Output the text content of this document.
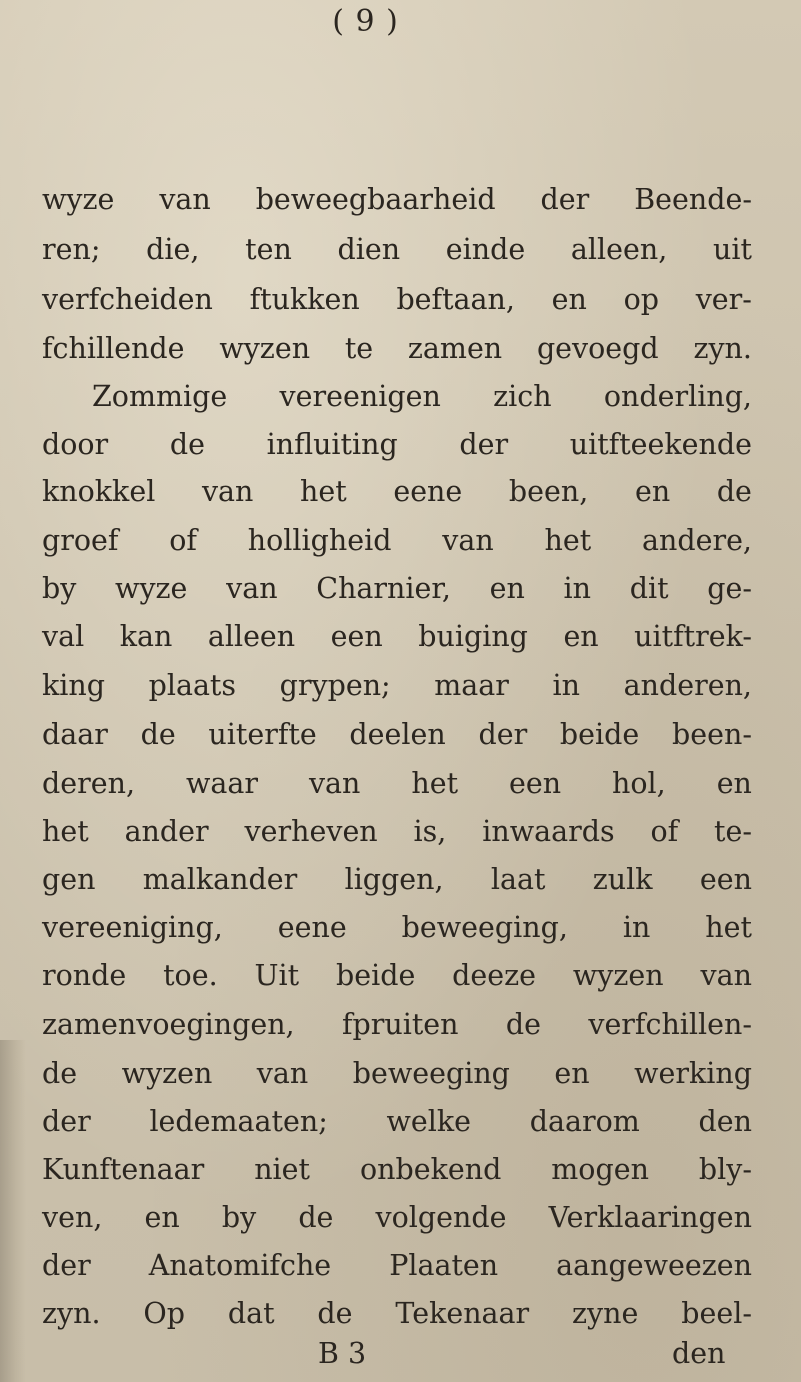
( 9 )
wyze van beweegbaarheid der Beende-
ren; die, ten dien einde alleen, uit
verfcheiden ftukken beftaan, en op ver-
fchillende wyzen te zamen gevoegd zyn.
Zommige vereenigen zich onderling,
door de influiting der uitfteekende
knokkel van het eene been, en de
groef of holligheid van het andere,
by wyze van Charnier, en in dit ge-
val kan alleen een buiging en uitftrek-
king plaats grypen; maar in anderen,
daar de uiterfte deelen der beide been-
deren, waar van het een hol, en
het ander verheven is, inwaards of te-
gen malkander liggen, laat zulk een
vereeniging, eene beweeging, in het
ronde toe. Uit beide deeze wyzen van
zamenvoegingen, fpruiten de verfchillen-
de wyzen van beweeging en werking
der ledemaaten; welke daarom den
Kunftenaar niet onbekend mogen bly-
ven, en by de volgende Verklaaringen
der Anatomifche Plaaten aangeweezen
zyn. Op dat de Tekenaar zyne beel-
B 3	den
